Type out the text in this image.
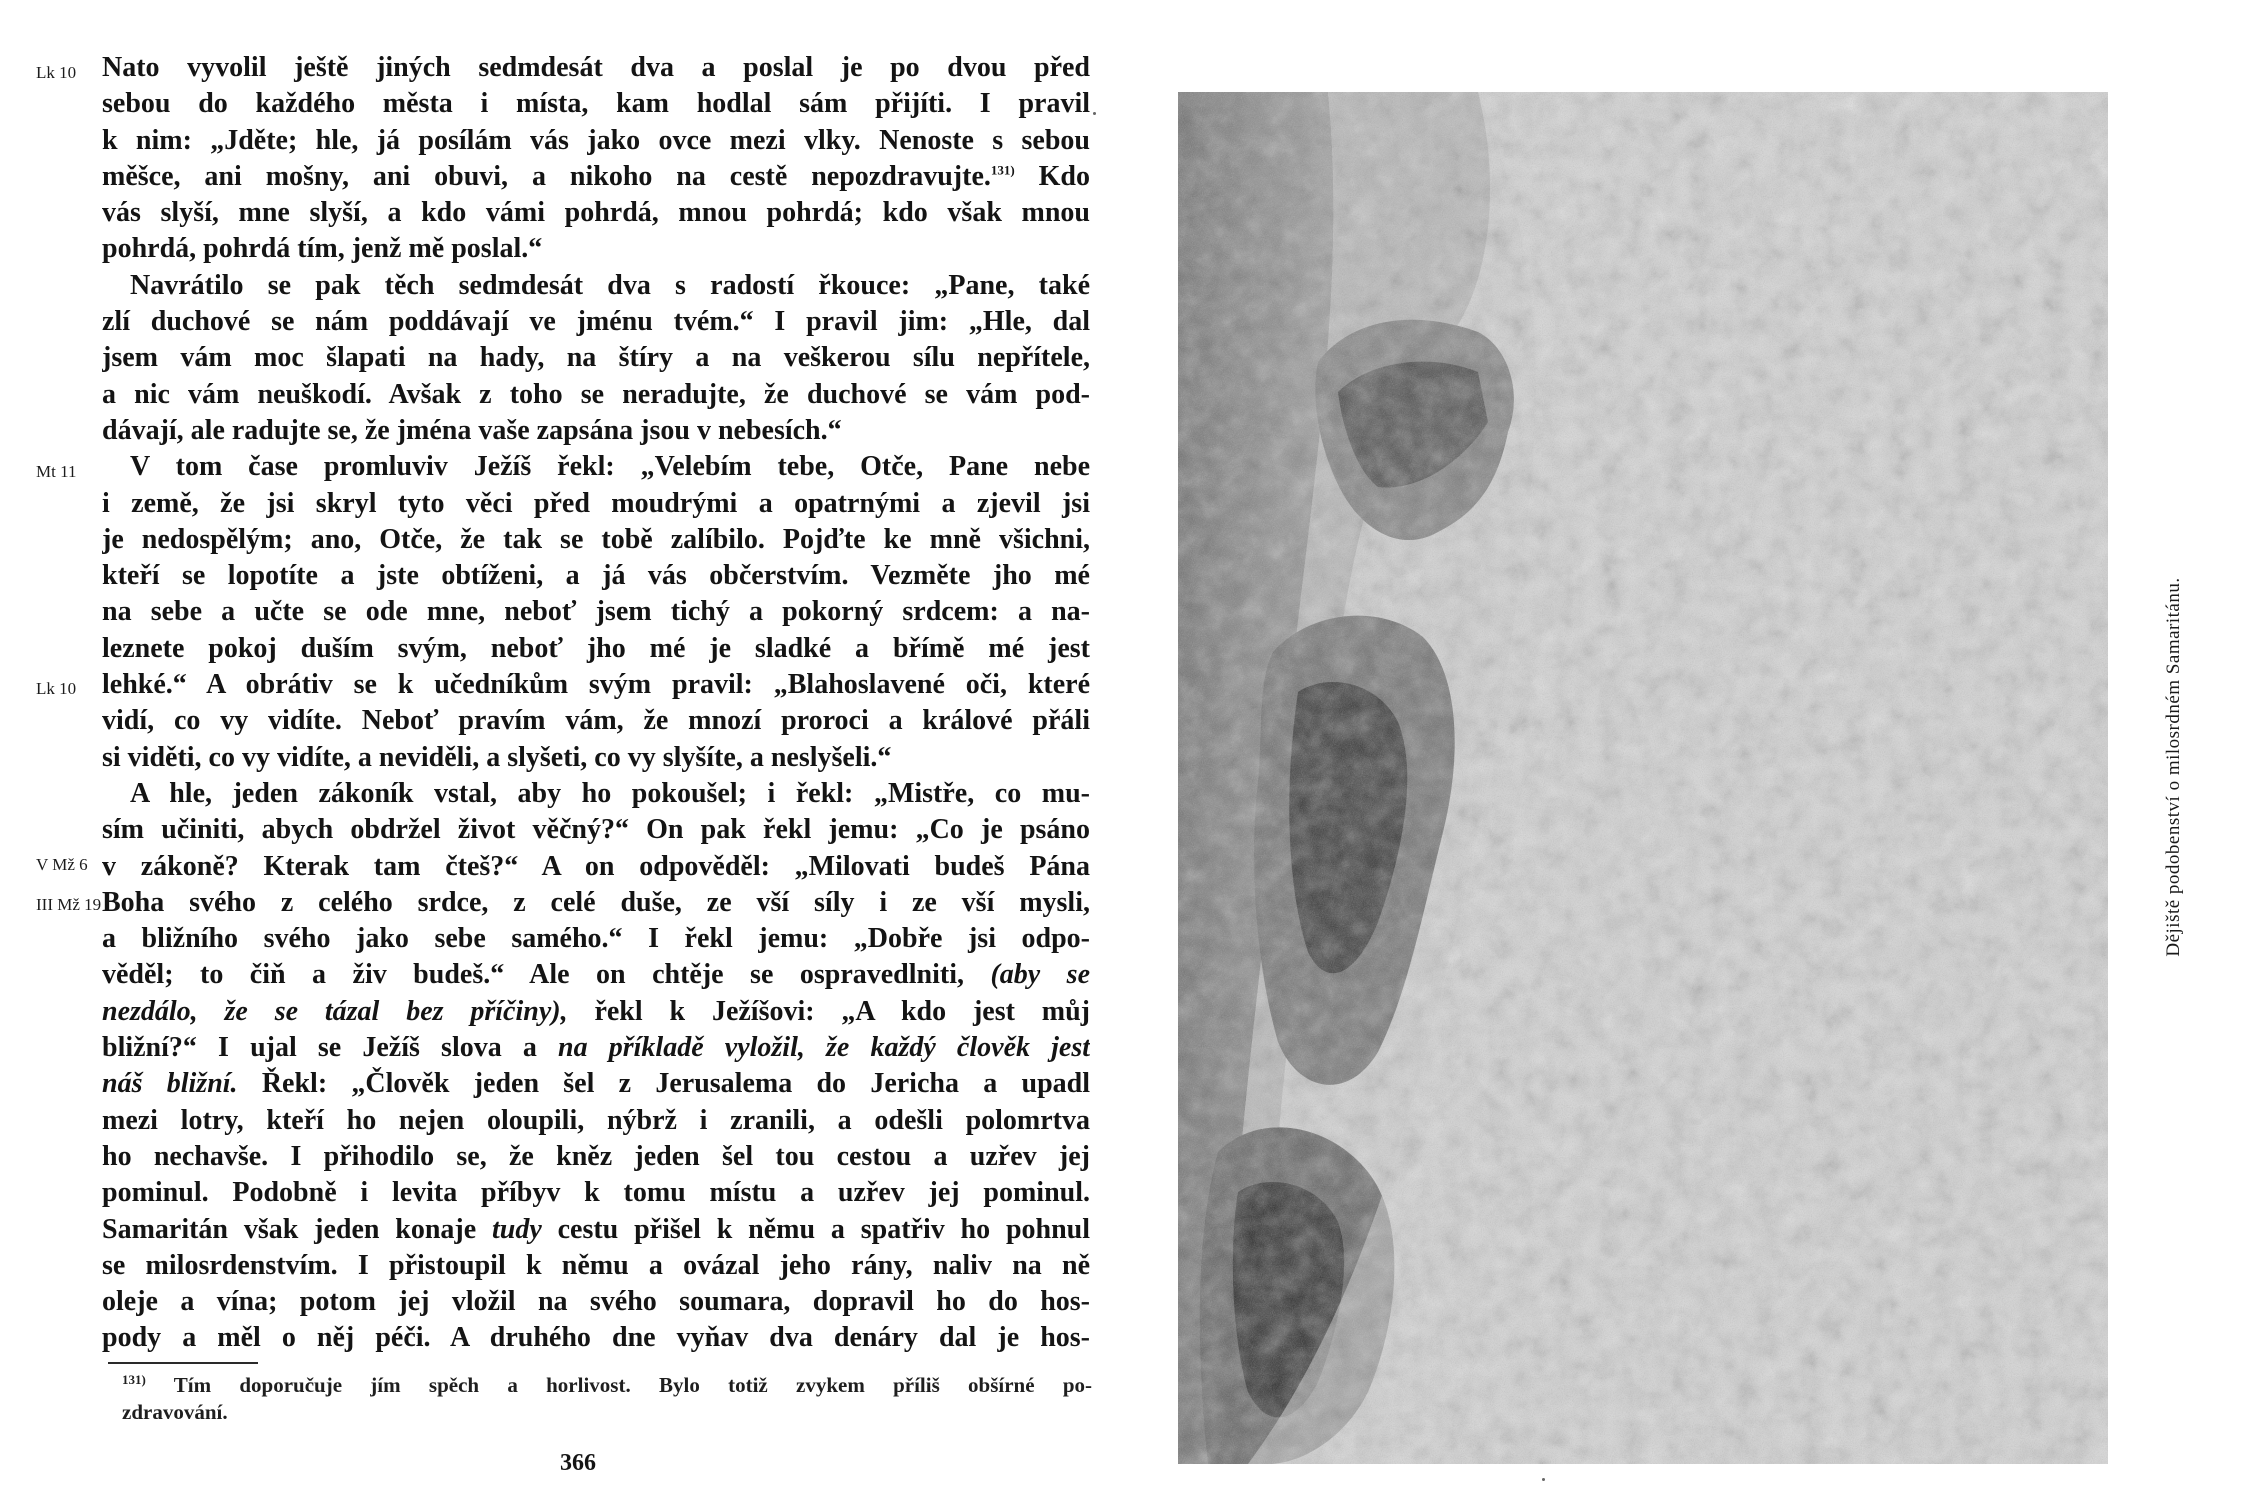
Lk 10
Mt 11
Lk 10
V Mž 6
III Mž 19
Nato vyvolil ještě jiných sedmdesát dva a poslal je po dvou před
sebou do každého města i místa, kam hodlal sám přijíti. I pravil
k nim: „Jděte; hle, já posílám vás jako ovce mezi vlky. Nenoste s sebou
měšce, ani mošny, ani obuvi, a nikoho na cestě nepozdravujte.$^{131)}$ Kdo
vás slyší, mne slyší, a kdo vámi pohrdá, mnou pohrdá; kdo však mnou
pohrdá, pohrdá tím, jenž mě poslal.“
Navrátilo se pak těch sedmdesát dva s radostí řkouce: „Pane, také
zlí duchové se nám poddávají ve jménu tvém.“ I pravil jim: „Hle, dal
jsem vám moc šlapati na hady, na štíry a na veškerou sílu nepřítele,
a nic vám neuškodí. Avšak z toho se neradujte, že duchové se vám pod-
dávají, ale radujte se, že jména vaše zapsána jsou v nebesích.“
V tom čase promluviv Ježíš řekl: „Velebím tebe, Otče, Pane nebe
i země, že jsi skryl tyto věci před moudrými a opatrnými a zjevil jsi
je nedospělým; ano, Otče, že tak se tobě zalíbilo. Pojďte ke mně všichni,
kteří se lopotíte a jste obtíženi, a já vás občerstvím. Vezměte jho mé
na sebe a učte se ode mne, neboť jsem tichý a pokorný srdcem: a na-
leznete pokoj duším svým, neboť jho mé je sladké a břímě mé jest
lehké.“ A obrátiv se k učedníkům svým pravil: „Blahoslavené oči, které
vidí, co vy vidíte. Neboť pravím vám, že mnozí proroci a králové přáli
si viděti, co vy vidíte, a neviděli, a slyšeti, co vy slyšíte, a neslyšeli.“
A hle, jeden zákoník vstal, aby ho pokoušel; i řekl: „Mistře, co mu-
sím učiniti, abych obdržel život věčný?“ On pak řekl jemu: „Co je psáno
v zákoně? Kterak tam čteš?“ A on odpověděl: „Milovati budeš Pána
Boha svého z celého srdce, z celé duše, ze vší síly i ze vší mysli,
a bližního svého jako sebe samého.“ I řekl jemu: „Dobře jsi odpo-
věděl; to čiň a živ budeš.“ Ale on chtěje se ospravedlniti, (aby se
nezdálo, že se tázal bez příčiny), řekl k Ježíšovi: „A kdo jest můj
bližní?“ I ujal se Ježíš slova a na příkladě vyložil, že každý člověk jest
náš bližní. Řekl: „Člověk jeden šel z Jerusalema do Jericha a upadl
mezi lotry, kteří ho nejen oloupili, nýbrž i zranili, a odešli polomrtva
ho nechavše. I přihodilo se, že kněz jeden šel tou cestou a uzřev jej
pominul. Podobně i levita příbyv k tomu místu a uzřev jej pominul.
Samaritán však jeden konaje tudy cestu přišel k němu a spatřiv ho pohnul
se milosrdenstvím. I přistoupil k němu a ovázal jeho rány, naliv na ně
oleje a vína; potom jej vložil na svého soumara, dopravil ho do hos-
pody a měl o něj péči. A druhého dne vyňav dva denáry dal je hos-
$^{131)}$ Tím doporučuje jím spěch a horlivost. Bylo totiž zvykem příliš obšírné po-
zdravování.
366
Dějiště podobenství o milosrdném Samaritánu.
